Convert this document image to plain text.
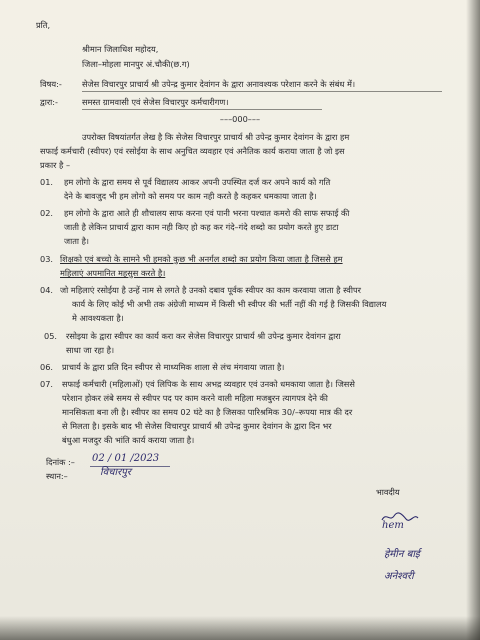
प्रति,
श्रीमान जिलाधिश महोदय,
जिला–मोहला मानपुर अं.चौकी(छ.ग)
विषय:- सेजेस विचारपुर प्राचार्य श्री उपेन्द्र कुमार देवांगन के द्वारा अनावश्यक परेशान करने के संबंध में।
द्वारा:-	समस्त ग्रामवासी एवं सेजेस विचारपुर कर्मचारीगण।
–––000–––
उपरोक्त विषयांतर्गत लेख है कि सेजेस विचारपुर प्राचार्य श्री उपेन्द्र कुमार देवांगन के द्वारा हम
सफाई कर्मचारी (स्वीपर) एवं रसोईया के साथ अनुचित व्यवहार एवं अनैतिक कार्य कराया जाता है जो इस
प्रकार है –
01. हम लोगो के द्वारा समय से पूर्व विद्यालय आकर अपनी उपस्थित दर्ज कर अपने कार्य को गति
देने के बावजुद भी हम लोगो को समय पर काम नही करते है कहकर धमकाया जाता है।
02. हम लोगो के द्वारा आते ही शौचालय साफ करना एवं पानी भरना पश्चात कमरो की साफ सफाई की
जाती है लेकिन प्राचार्य द्वारा काम नही किए हो कह कर गंदे–गंदे शब्दो का प्रयोग करते हुए डाटा
जाता है।
03. शिक्षको एवं बच्चो के सामने भी हमको कुछ भी अनर्गल शब्दो का प्रयोग किया जाता है जिससे हम
महिलाएं अपमानित महसुस करते है।
04. जो महिलाएं रसोईया है उन्हें नाम से लगते है उनको दबाव पूर्वक स्वीपर का काम करवाया जाता है स्वीपर
कार्य के लिए कोई भी अभी तक अंग्रेजी माध्यम में किसी भी स्वीपर की भर्ती नहीं की गई है जिसकी विद्यालय
मे आवश्यकता है।
05. रसोइया के द्वारा स्वीपर का कार्य करा कर सेजेस विचारपुर प्राचार्य श्री उपेन्द्र कुमार देवांगन द्वारा
साधा जा रहा है।
06. प्राचार्य के द्वारा प्रति दिन स्वीपर से माध्यमिक शाला से लंच मंगवाया जाता है।
07. सफाई कर्मचारी (महिलाओं) एवं लिपिक के साथ अभद्र व्यवहार एवं उनको धमकाया जाता है। जिससे
परेशान होकर लंबे समय से स्वीपर पद पर काम करने वाली महिला मजबुरन त्यागपत्र देने की
मानसिकता बना ली है। स्वीपर का समय 02 घंटे का है जिसका पारिश्रमिक 30/–रूपया मात्र की दर
से मिलता है। इसके बाद भी सेजेस विचारपुर प्राचार्य श्री उपेन्द्र कुमार देवांगन के द्वारा दिन भर
बंधुआ मजदुर की भांति कार्य कराया जाता है।
दिनांक :– 02 / 01 /2023
स्थान:–	विचारपुर
भावदीय
hem
हेमीन बाई
अनेश्वरी
